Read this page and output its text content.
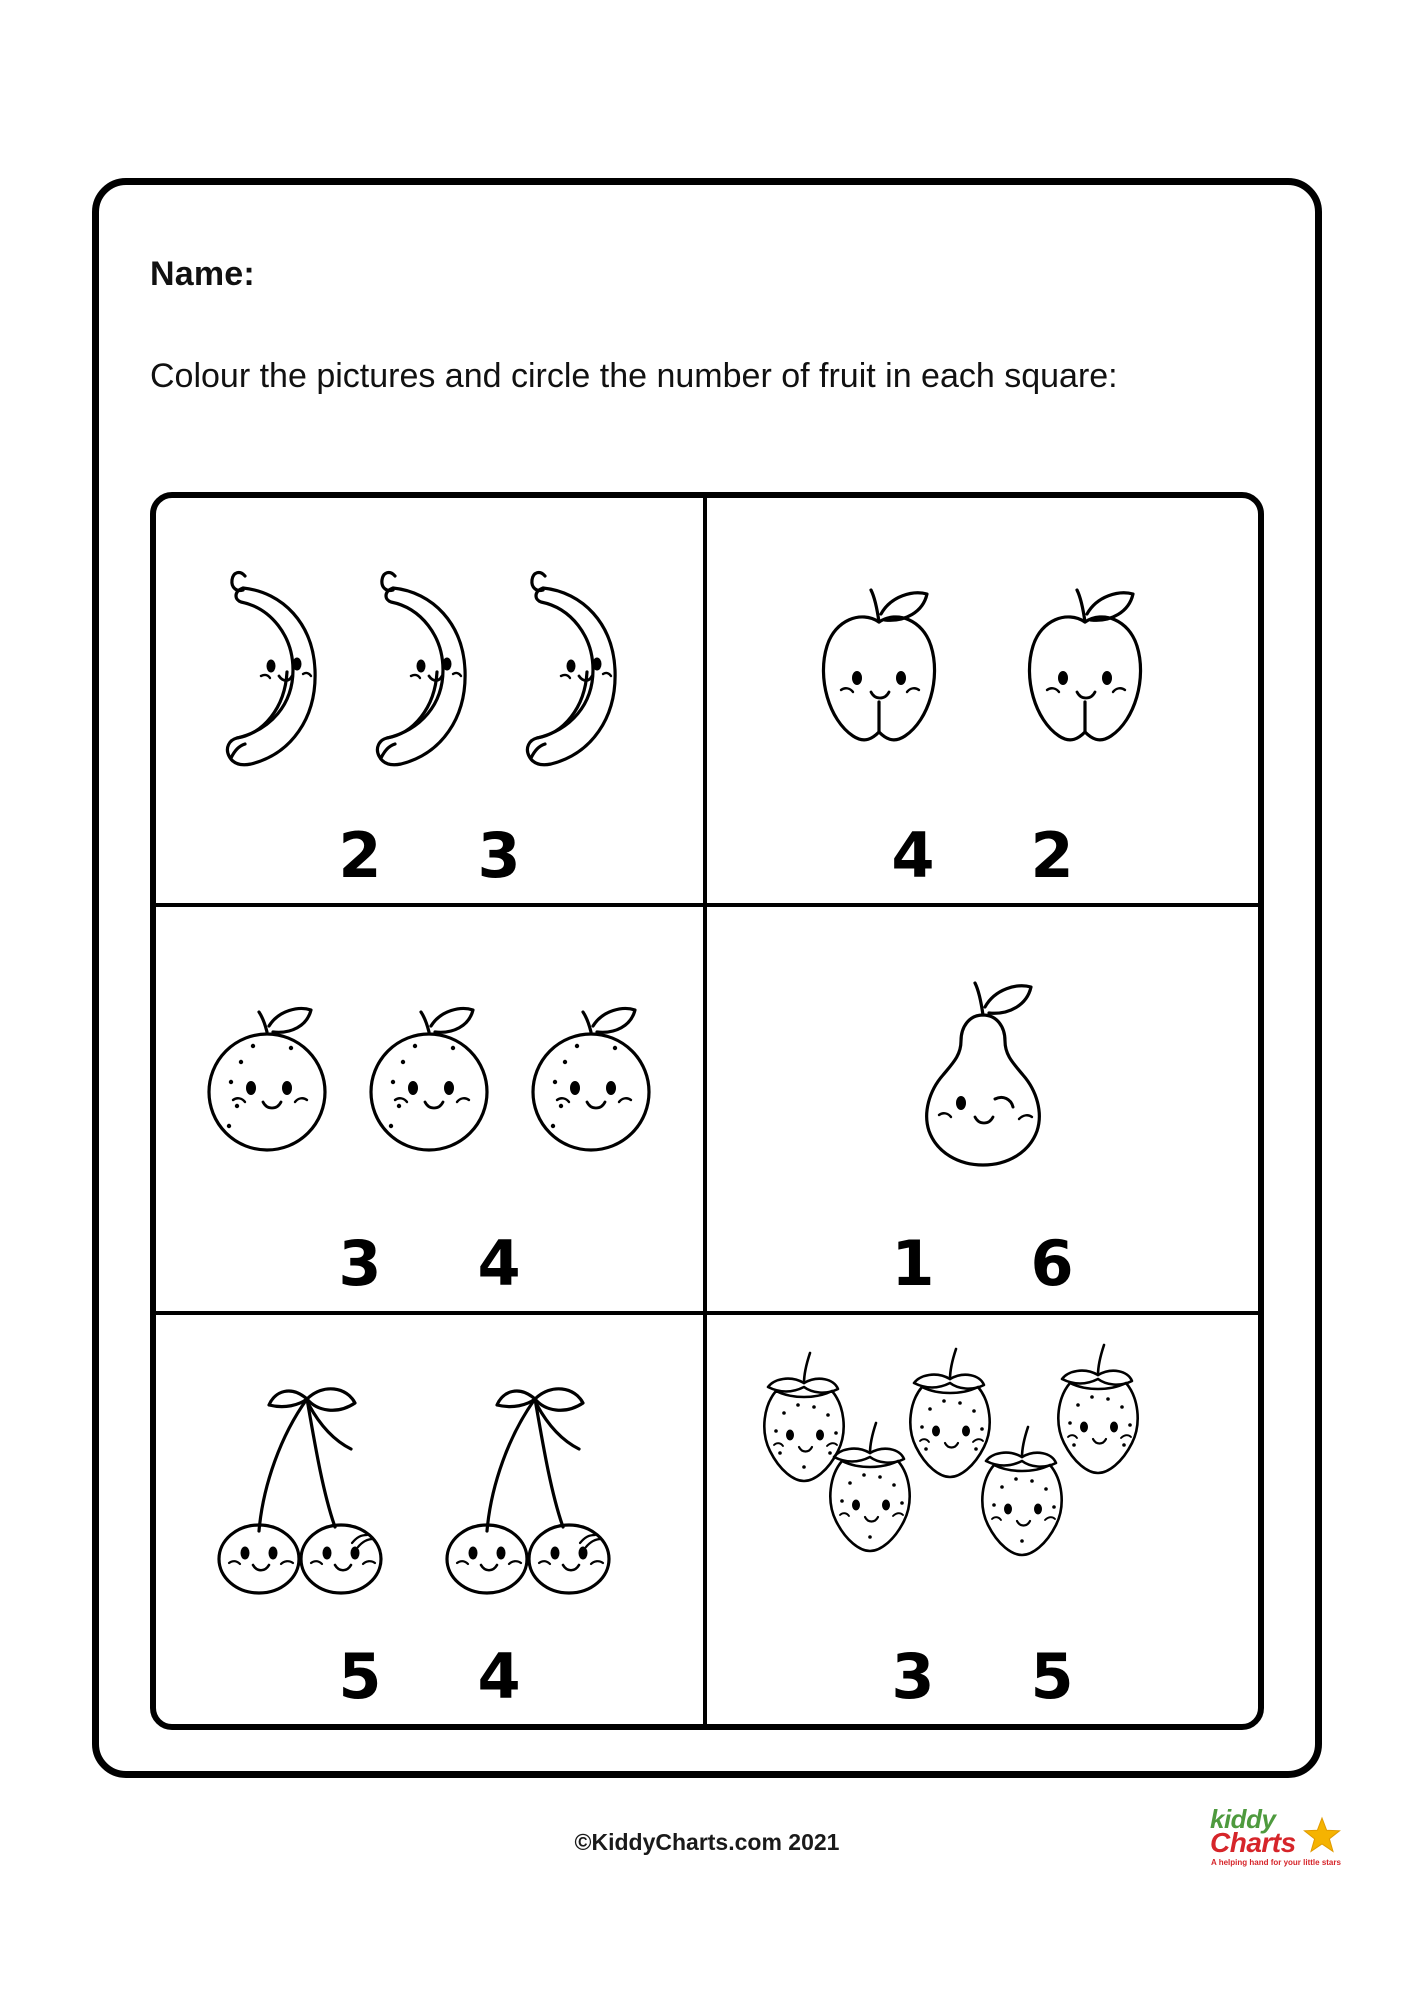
Name:
Colour the pictures and circle the number of fruit in each square:
2 3	4 2
3 4	1 6
5 4	3 5
©KiddyCharts.com 2021
kiddy
Charts
A helping hand for your little stars
